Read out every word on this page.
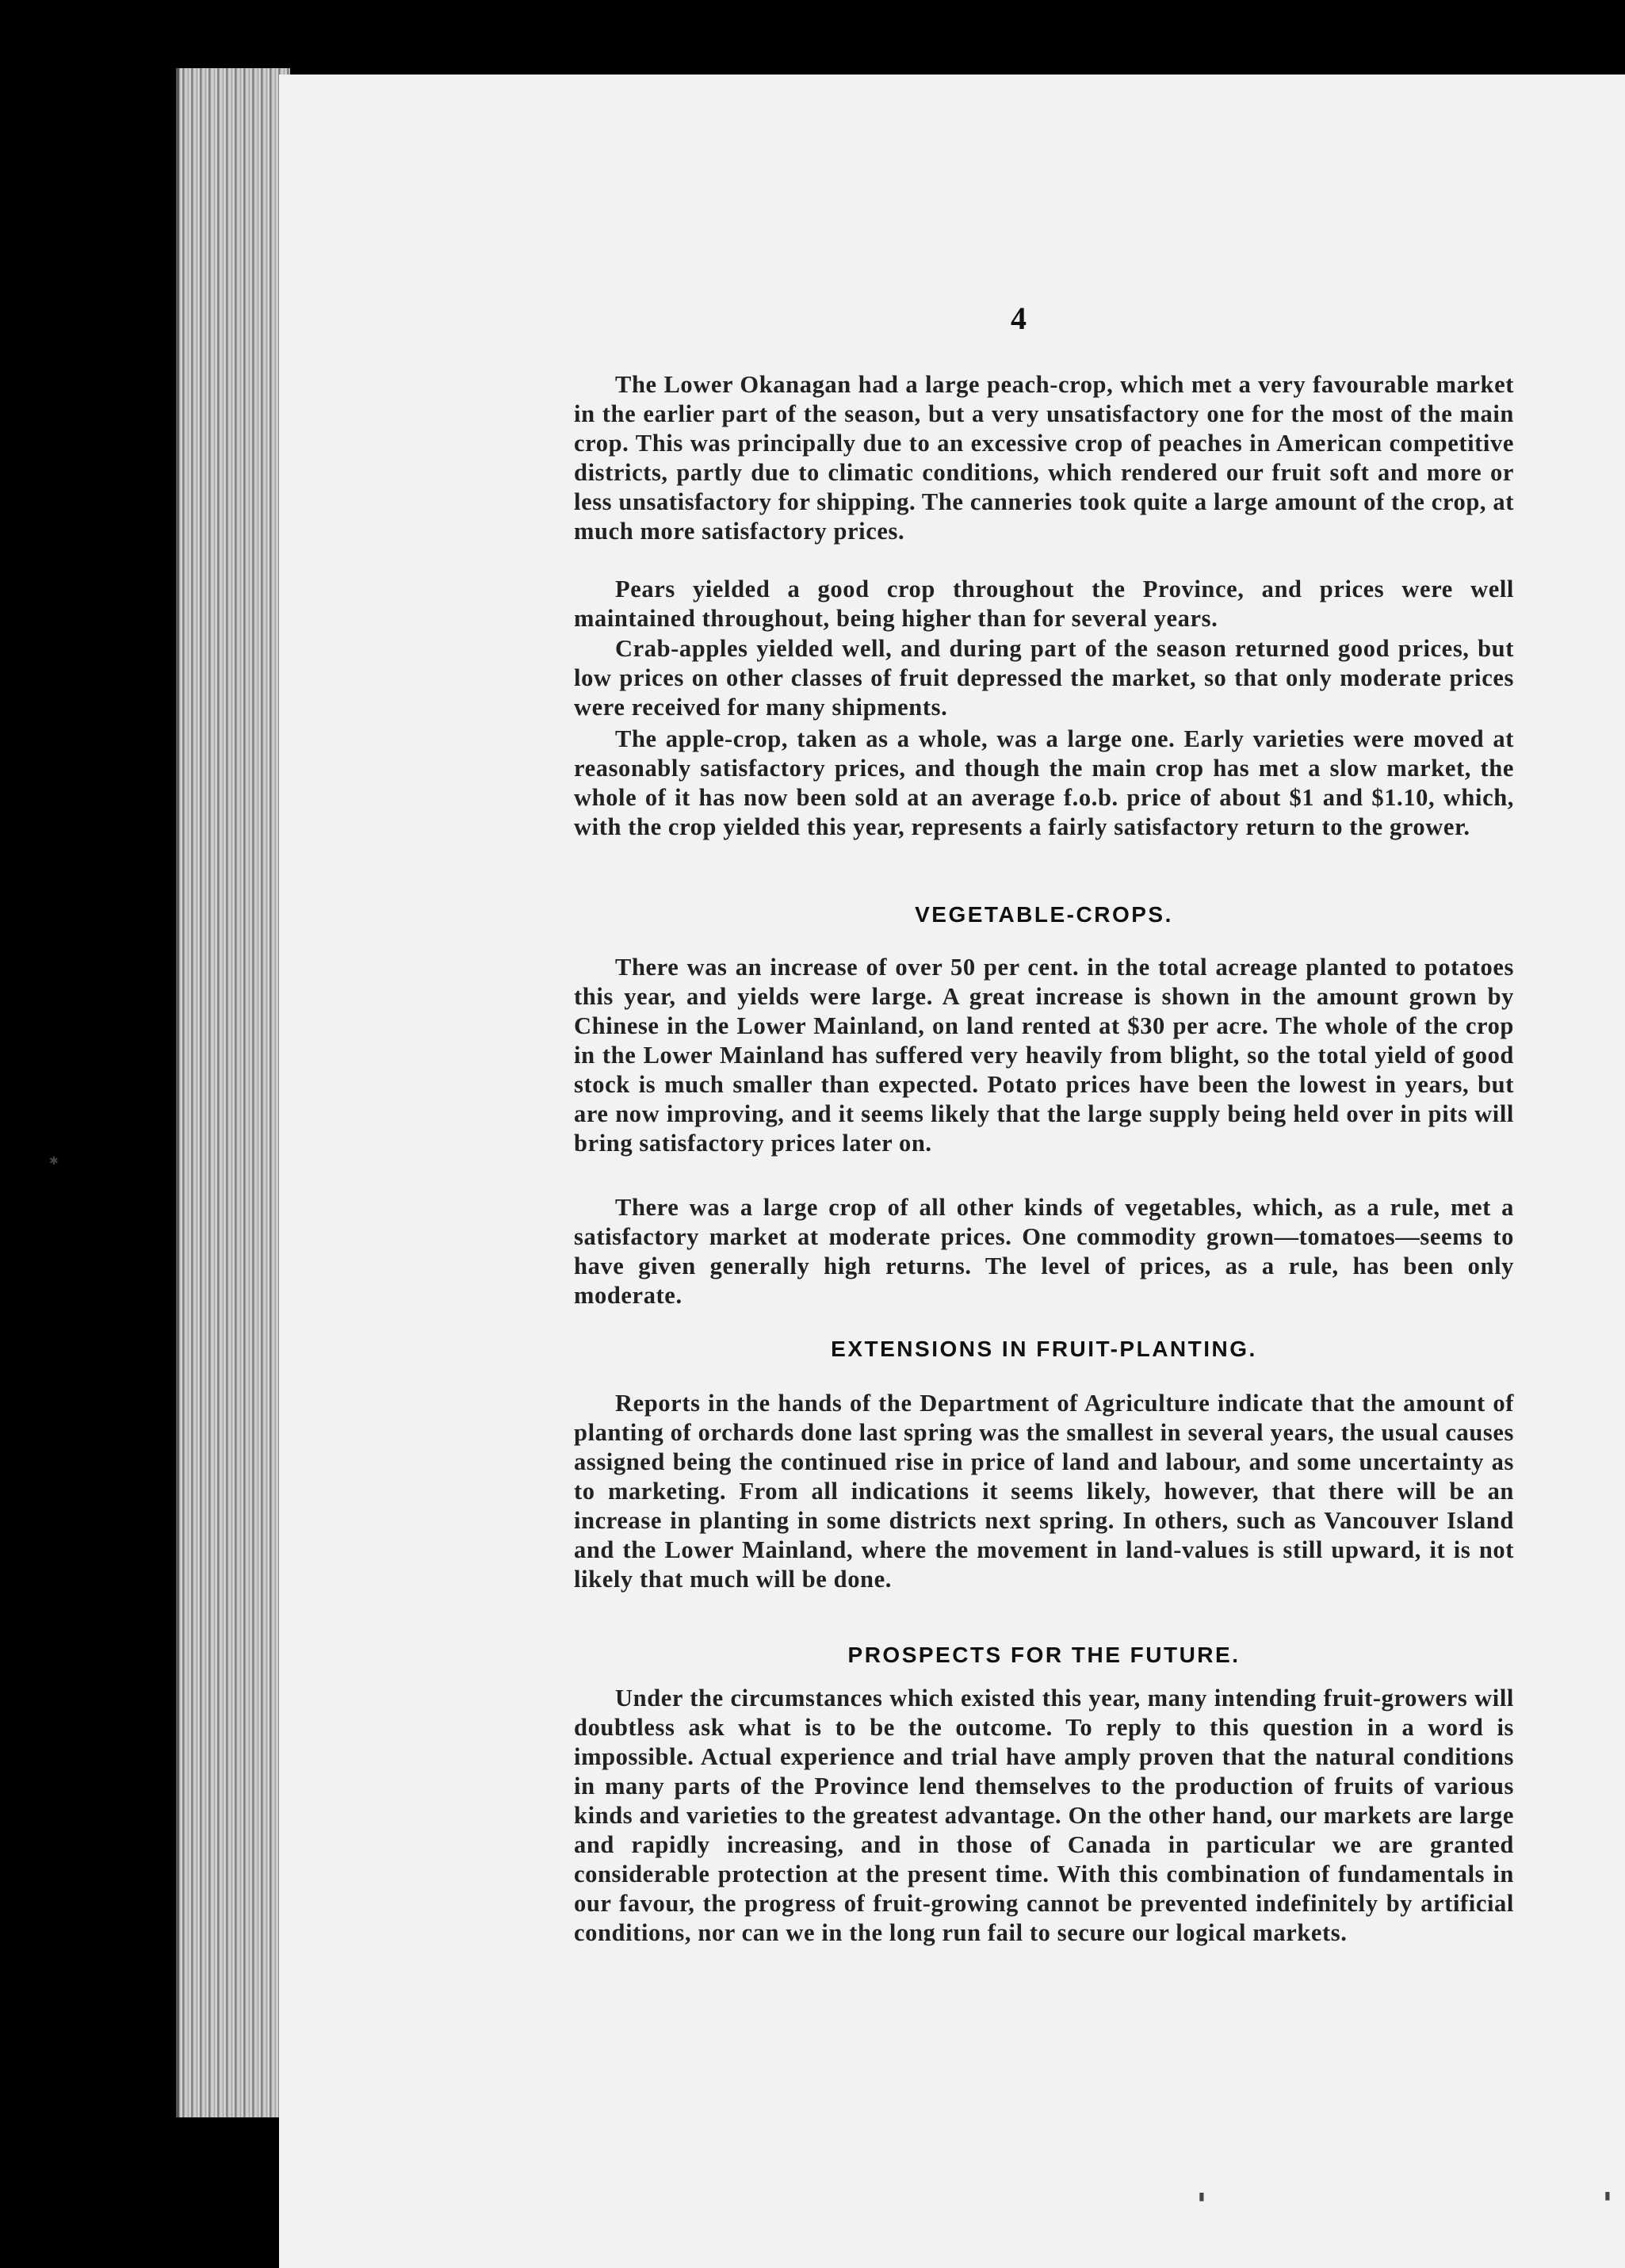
4

The Lower Okanagan had a large peach-crop, which met a very favourable market in the earlier part of the season, but a very unsatisfactory one for the most of the main crop. This was principally due to an excessive crop of peaches in American competitive districts, partly due to climatic conditions, which rendered our fruit soft and more or less unsatisfactory for shipping. The canneries took quite a large amount of the crop, at much more satisfactory prices.

Pears yielded a good crop throughout the Province, and prices were well maintained throughout, being higher than for several years.

Crab-apples yielded well, and during part of the season returned good prices, but low prices on other classes of fruit depressed the market, so that only moderate prices were received for many shipments.

The apple-crop, taken as a whole, was a large one. Early varieties were moved at reasonably satisfactory prices, and though the main crop has met a slow market, the whole of it has now been sold at an average f.o.b. price of about $1 and $1.10, which, with the crop yielded this year, represents a fairly satisfactory return to the grower.

VEGETABLE-CROPS.

There was an increase of over 50 per cent. in the total acreage planted to potatoes this year, and yields were large. A great increase is shown in the amount grown by Chinese in the Lower Mainland, on land rented at $30 per acre. The whole of the crop in the Lower Mainland has suffered very heavily from blight, so the total yield of good stock is much smaller than expected. Potato prices have been the lowest in years, but are now improving, and it seems likely that the large supply being held over in pits will bring satisfactory prices later on.

There was a large crop of all other kinds of vegetables, which, as a rule, met a satisfactory market at moderate prices. One commodity grown—tomatoes—seems to have given generally high returns. The level of prices, as a rule, has been only moderate.

EXTENSIONS IN FRUIT-PLANTING.

Reports in the hands of the Department of Agriculture indicate that the amount of planting of orchards done last spring was the smallest in several years, the usual causes assigned being the continued rise in price of land and labour, and some uncertainty as to marketing. From all indications it seems likely, however, that there will be an increase in planting in some districts next spring. In others, such as Vancouver Island and the Lower Mainland, where the movement in land-values is still upward, it is not likely that much will be done.

PROSPECTS FOR THE FUTURE.

Under the circumstances which existed this year, many intending fruit-growers will doubtless ask what is to be the outcome. To reply to this question in a word is impossible. Actual experience and trial have amply proven that the natural conditions in many parts of the Province lend themselves to the production of fruits of various kinds and varieties to the greatest advantage. On the other hand, our markets are large and rapidly increasing, and in those of Canada in particular we are granted considerable protection at the present time. With this combination of fundamentals in our favour, the progress of fruit-growing cannot be prevented indefinitely by artificial conditions, nor can we in the long run fail to secure our logical markets.

✱
▮	▮
